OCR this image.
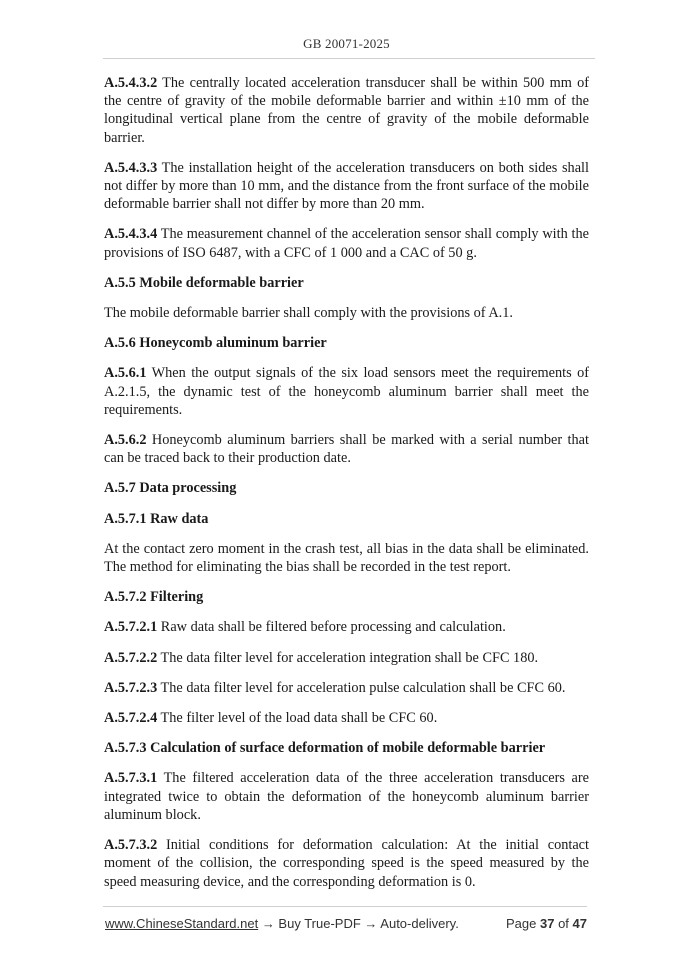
GB 20071-2025

A.5.4.3.2 The centrally located acceleration transducer shall be within 500 mm of the centre of gravity of the mobile deformable barrier and within ±10 mm of the longitudinal vertical plane from the centre of gravity of the mobile deformable barrier.

A.5.4.3.3 The installation height of the acceleration transducers on both sides shall not differ by more than 10 mm, and the distance from the front surface of the mobile deformable barrier shall not differ by more than 20 mm.

A.5.4.3.4 The measurement channel of the acceleration sensor shall comply with the provisions of ISO 6487, with a CFC of 1 000 and a CAC of 50 g.

A.5.5 Mobile deformable barrier

The mobile deformable barrier shall comply with the provisions of A.1.

A.5.6 Honeycomb aluminum barrier

A.5.6.1 When the output signals of the six load sensors meet the requirements of A.2.1.5, the dynamic test of the honeycomb aluminum barrier shall meet the requirements.

A.5.6.2 Honeycomb aluminum barriers shall be marked with a serial number that can be traced back to their production date.

A.5.7 Data processing

A.5.7.1 Raw data

At the contact zero moment in the crash test, all bias in the data shall be eliminated. The method for eliminating the bias shall be recorded in the test report.

A.5.7.2 Filtering

A.5.7.2.1 Raw data shall be filtered before processing and calculation.

A.5.7.2.2 The data filter level for acceleration integration shall be CFC 180.

A.5.7.2.3 The data filter level for acceleration pulse calculation shall be CFC 60.

A.5.7.2.4 The filter level of the load data shall be CFC 60.

A.5.7.3 Calculation of surface deformation of mobile deformable barrier

A.5.7.3.1 The filtered acceleration data of the three acceleration transducers are integrated twice to obtain the deformation of the honeycomb aluminum barrier aluminum block.

A.5.7.3.2 Initial conditions for deformation calculation: At the initial contact moment of the collision, the corresponding speed is the speed measured by the speed measuring device, and the corresponding deformation is 0.

www.ChineseStandard.net → Buy True-PDF → Auto-delivery.	Page 37 of 47
